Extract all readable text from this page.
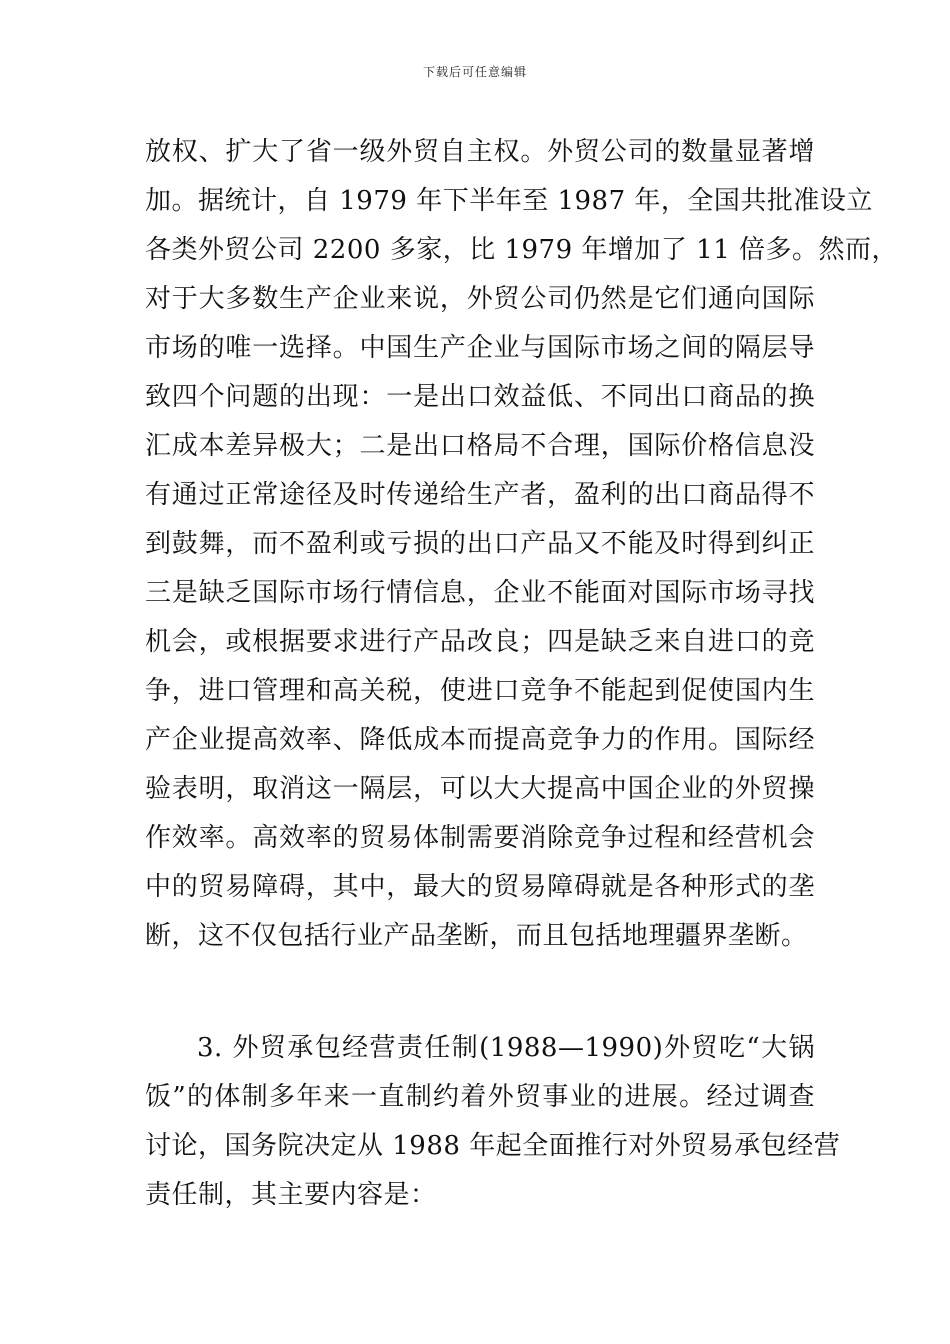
下载后可任意编辑
放权、扩大了省一级外贸自主权。外贸公司的数量显著增
加。据统计，自 1979 年下半年至 1987 年，全国共批准设立
各类外贸公司 2200 多家，比 1979 年增加了 11 倍多。然而，
对于大多数生产企业来说，外贸公司仍然是它们通向国际
市场的唯一选择。中国生产企业与国际市场之间的隔层导
致四个问题的出现：一是出口效益低、不同出口商品的换
汇成本差异极大；二是出口格局不合理，国际价格信息没
有通过正常途径及时传递给生产者，盈利的出口商品得不
到鼓舞，而不盈利或亏损的出口产品又不能及时得到纠正
三是缺乏国际市场行情信息，企业不能面对国际市场寻找
机会，或根据要求进行产品改良；四是缺乏来自进口的竞
争，进口管理和高关税，使进口竞争不能起到促使国内生
产企业提高效率、降低成本而提高竞争力的作用。国际经
验表明，取消这一隔层，可以大大提高中国企业的外贸操
作效率。高效率的贸易体制需要消除竞争过程和经营机会
中的贸易障碍，其中，最大的贸易障碍就是各种形式的垄
断，这不仅包括行业产品垄断，而且包括地理疆界垄断。
3. 外贸承包经营责任制(1988—1990)外贸吃“大锅
饭”的体制多年来一直制约着外贸事业的进展。经过调查
讨论，国务院决定从 1988 年起全面推行对外贸易承包经营
责任制，其主要内容是：
